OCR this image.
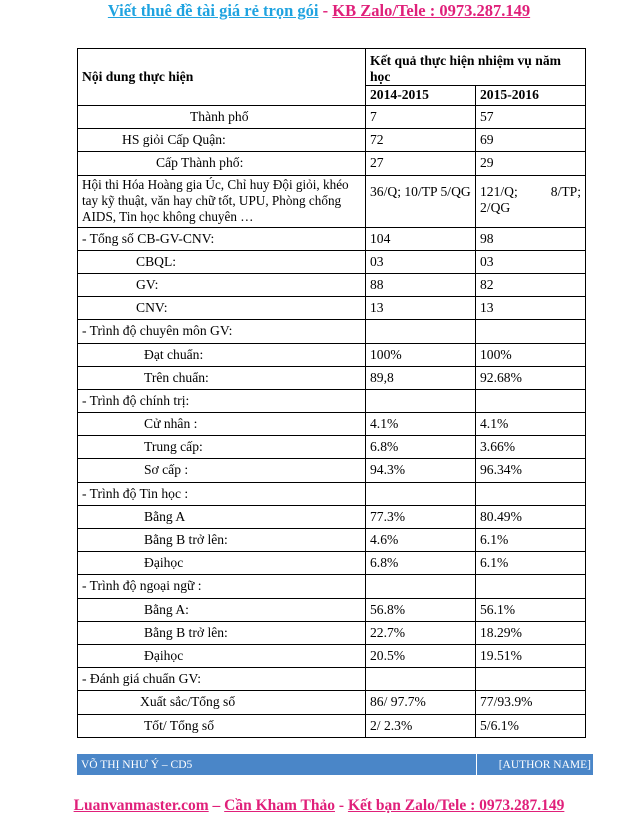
Viết thuê đề tài giá rẻ trọn gói - KB Zalo/Tele : 0973.287.149
Nội dung thực hiện	Kết quả thực hiện nhiệm vụ năm học	
	2014-2015	2015-2016
Thành phố	7	57
HS giỏi Cấp Quận:	72	69
Cấp Thành phố:	27	29
Hội thi Hóa Hoàng gia Úc, Chỉ huy Đội giỏi, khéo tay kỹ thuật, văn hay chữ tốt, UPU, Phòng chống AIDS, Tin học không chuyên …	36/Q; 10/TP 5/QG	121/Q; 8/TP;
2/QG

- Tổng số CB-GV-CNV:	104	98
CBQL:	03	03
GV:	88	82
CNV:	13	13
- Trình độ chuyên môn GV:		
Đạt chuẩn:	100%	100%
Trên chuẩn:	89,8	92.68%
- Trình độ chính trị:		
Cử nhân :	4.1%	4.1%
Trung cấp:	6.8%	3.66%
Sơ cấp :	94.3%	96.34%
- Trình độ Tin học :		
Bằng A	77.3%	80.49%
Bằng B trở lên:	4.6%	6.1%
Đạihọc	6.8%	6.1%
- Trình độ ngoại ngữ :		
Bằng A:	56.8%	56.1%
Bằng B trở lên:	22.7%	18.29%
Đạihọc	20.5%	19.51%
- Đánh giá chuẩn GV:		
Xuất sắc/Tổng số	86/ 97.7%	77/93.9%
Tốt/ Tổng số	2/ 2.3%	5/6.1%
VÕ THỊ NHƯ Ý – CD5	[AUTHOR NAME]
Luanvanmaster.com – Cần Kham Thảo - Kết bạn Zalo/Tele : 0973.287.149
